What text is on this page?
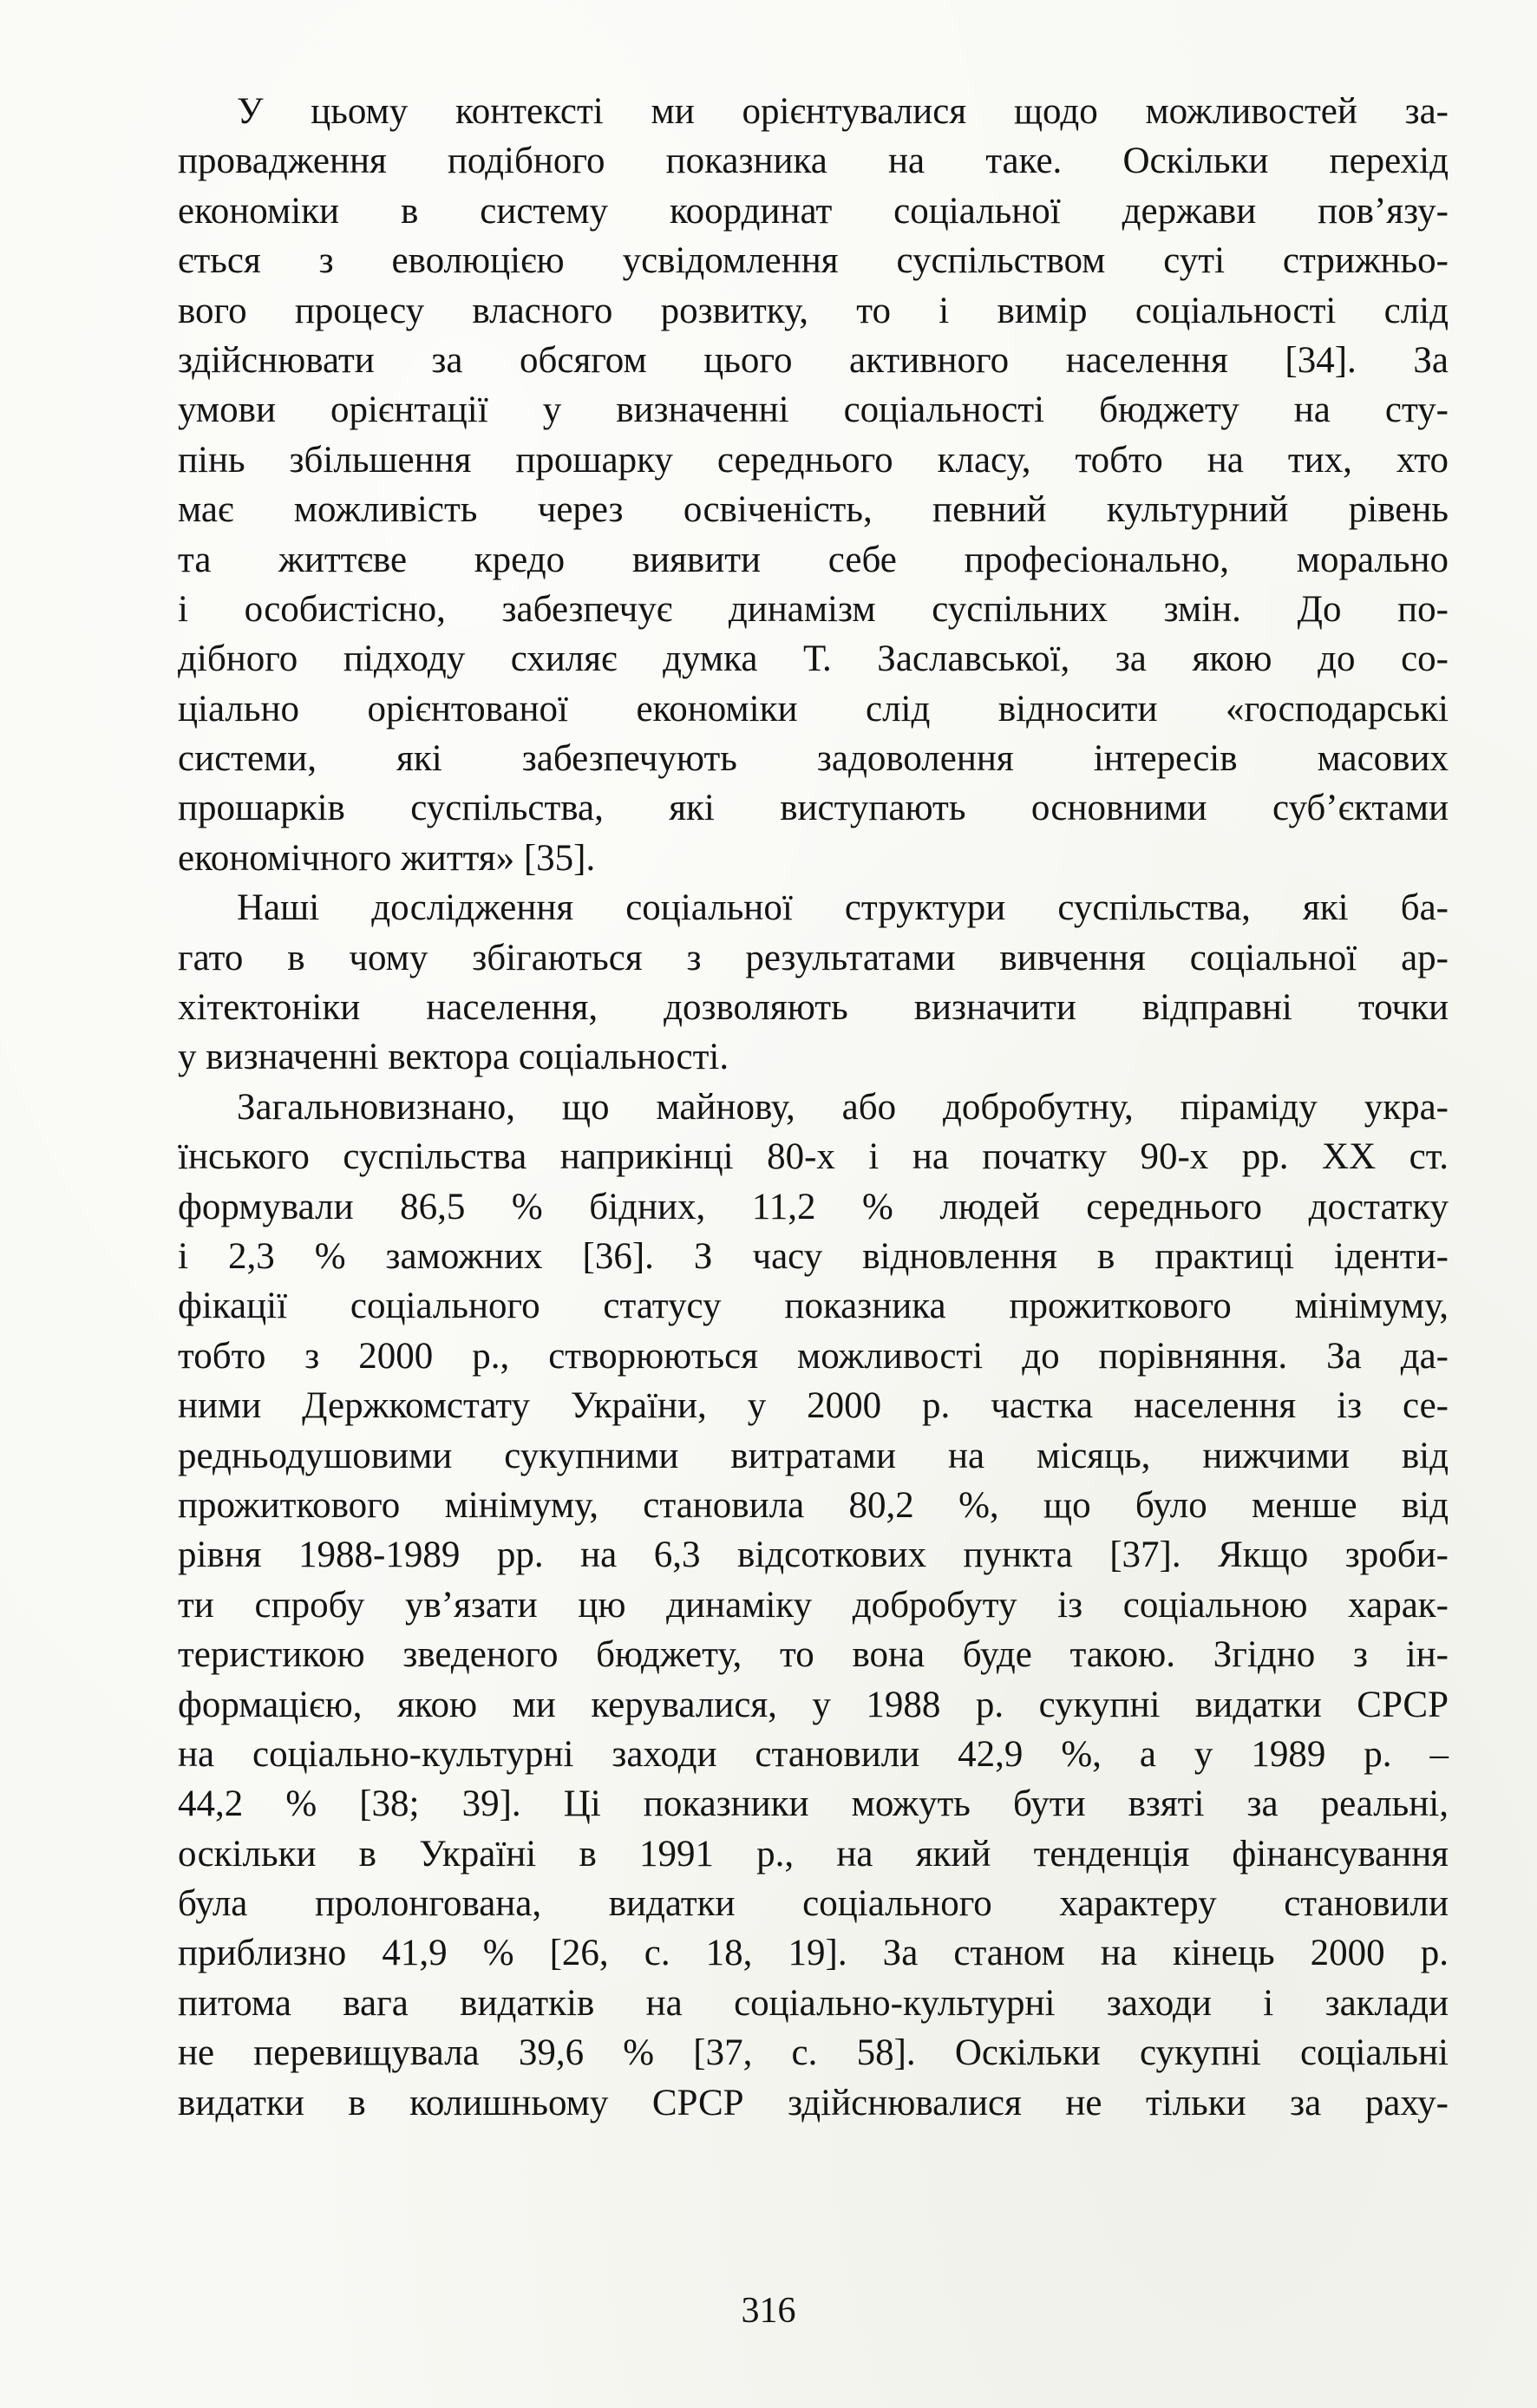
У цьому контексті ми орієнтувалися щодо можливостей за-
провадження подібного показника на таке. Оскільки перехід
економіки в систему координат соціальної держави пов’язу-
ється з еволюцією усвідомлення суспільством суті стрижньо-
вого процесу власного розвитку, то і вимір соціальності слід
здійснювати за обсягом цього активного населення [34]. За
умови орієнтації у визначенні соціальності бюджету на сту-
пінь збільшення прошарку середнього класу, тобто на тих, хто
має можливість через освіченість, певний культурний рівень
та життєве кредо виявити себе професіонально, морально
і особистісно, забезпечує динамізм суспільних змін. До по-
дібного підходу схиляє думка Т. Заславської, за якою до со-
ціально орієнтованої економіки слід відносити «господарські
системи, які забезпечують задоволення інтересів масових
прошарків суспільства, які виступають основними суб’єктами
економічного життя» [35].
Наші дослідження соціальної структури суспільства, які ба-
гато в чому збігаються з результатами вивчення соціальної ар-
хітектоніки населення, дозволяють визначити відправні точки
у визначенні вектора соціальності.
Загальновизнано, що майнову, або добробутну, піраміду укра-
їнського суспільства наприкінці 80-х і на початку 90-х рр. ХХ ст.
формували 86,5 % бідних, 11,2 % людей середнього достатку
і 2,3 % заможних [36]. З часу відновлення в практиці іденти-
фікації соціального статусу показника прожиткового мінімуму,
тобто з 2000 р., створюються можливості до порівняння. За да-
ними Держкомстату України, у 2000 р. частка населення із се-
редньодушовими сукупними витратами на місяць, нижчими від
прожиткового мінімуму, становила 80,2 %, що було менше від
рівня 1988-1989 рр. на 6,3 відсоткових пункта [37]. Якщо зроби-
ти спробу ув’язати цю динаміку добробуту із соціальною харак-
теристикою зведеного бюджету, то вона буде такою. Згідно з ін-
формацією, якою ми керувалися, у 1988 р. сукупні видатки СРСР
на соціально-культурні заходи становили 42,9 %, а у 1989 р. –
44,2 % [38; 39]. Ці показники можуть бути взяті за реальні,
оскільки в Україні в 1991 р., на який тенденція фінансування
була пролонгована, видатки соціального характеру становили
приблизно 41,9 % [26, с. 18, 19]. За станом на кінець 2000 р.
питома вага видатків на соціально-культурні заходи і заклади
не перевищувала 39,6 % [37, с. 58]. Оскільки сукупні соціальні
видатки в колишньому СРСР здійснювалися не тільки за раху-
316
